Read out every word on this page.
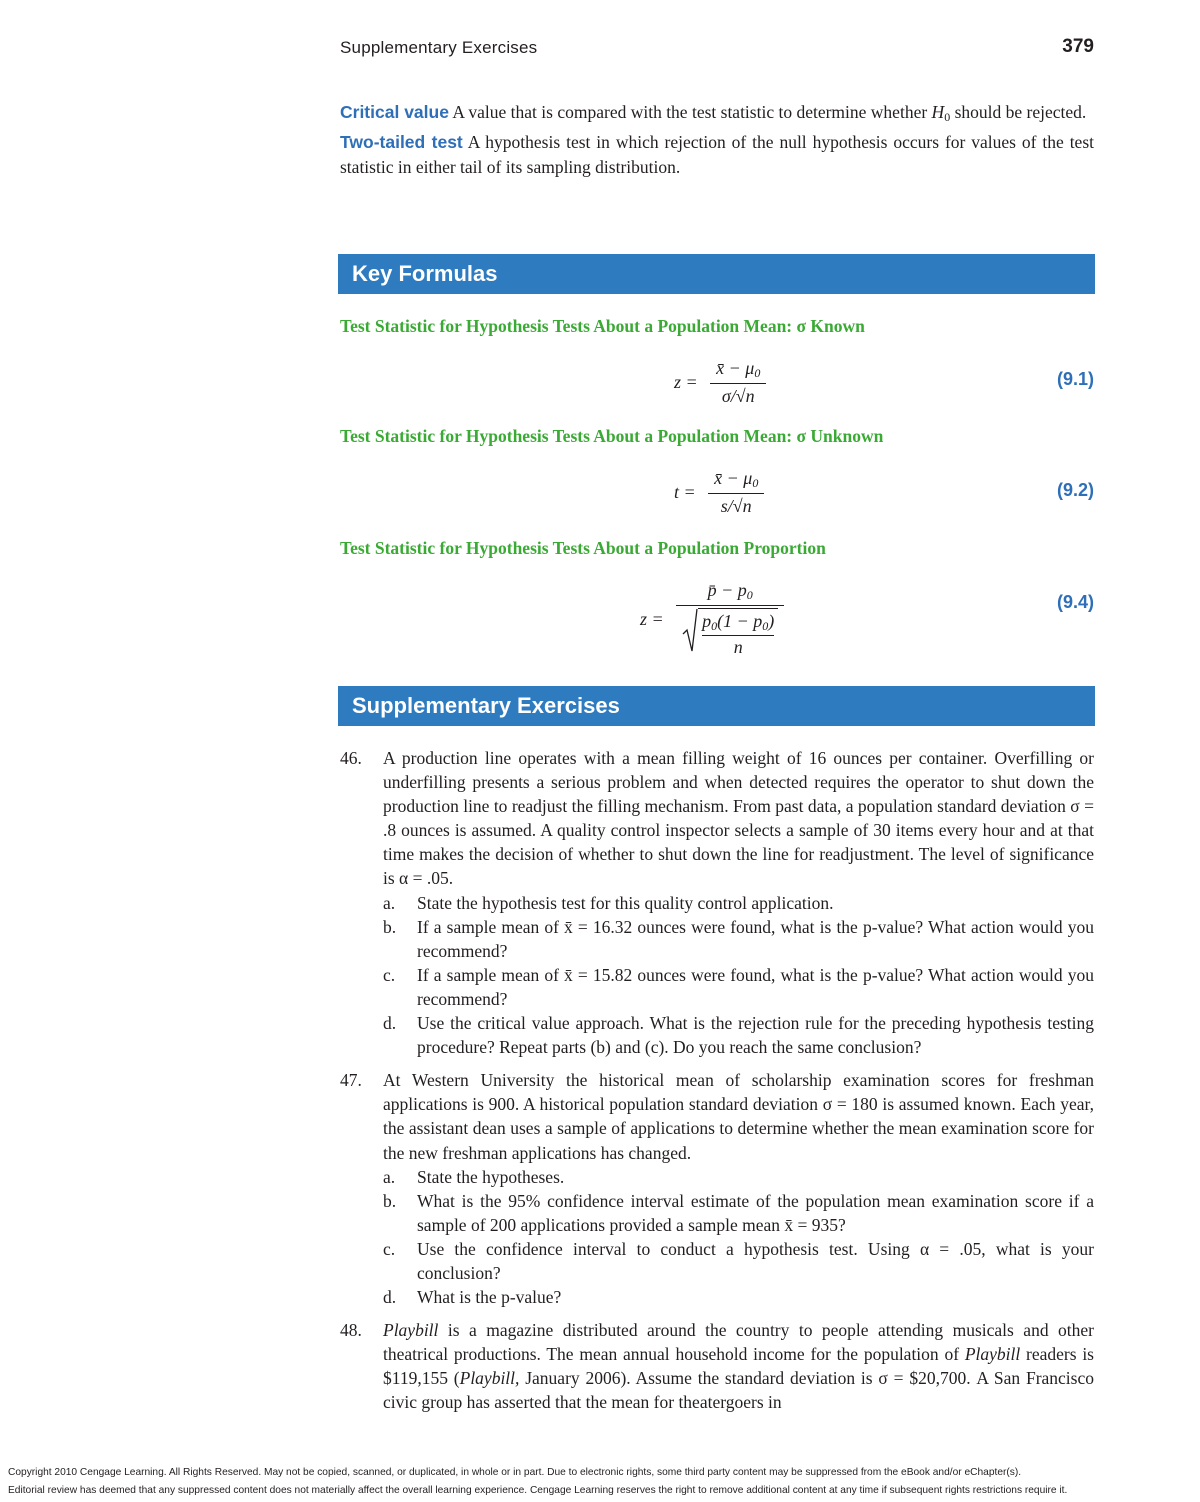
Supplementary Exercises	379

Critical value A value that is compared with the test statistic to determine whether $H_0$ should be rejected.

Two-tailed test A hypothesis test in which rejection of the null hypothesis occurs for values of the test statistic in either tail of its sampling distribution.

Key Formulas
Test Statistic for Hypothesis Tests About a Population Mean: σ Known
$z = \frac{x̄ - \mu_0}{\sigma/√n}$	(9.1)
Test Statistic for Hypothesis Tests About a Population Mean: σ Unknown
$t = \frac{x̄ - \mu_0}{s/√n}$	(9.2)
Test Statistic for Hypothesis Tests About a Population Proportion
$z = \frac{p̄ - p_0}{\frac{p_0(1 - p_0)}{n}}$	(9.4)
Supplementary Exercises
46. A production line operates with a mean filling weight of 16 ounces per container. Overfilling or underfilling presents a serious problem and when detected requires the operator to shut down the production line to readjust the filling mechanism. From past data, a population standard deviation σ = .8 ounces is assumed. A quality control inspector selects a sample of 30 items every hour and at that time makes the decision of whether to shut down the line for readjustment. The level of significance is α = .05.
a. State the hypothesis test for this quality control application.
b. If a sample mean of x̄ = 16.32 ounces were found, what is the p-value? What action would you recommend?
c. If a sample mean of x̄ = 15.82 ounces were found, what is the p-value? What action would you recommend?
d. Use the critical value approach. What is the rejection rule for the preceding hypothesis testing procedure? Repeat parts (b) and (c). Do you reach the same conclusion?
47. At Western University the historical mean of scholarship examination scores for freshman applications is 900. A historical population standard deviation σ = 180 is assumed known. Each year, the assistant dean uses a sample of applications to determine whether the mean examination score for the new freshman applications has changed.
a. State the hypotheses.
b. What is the 95% confidence interval estimate of the population mean examination score if a sample of 200 applications provided a sample mean x̄ = 935?
c. Use the confidence interval to conduct a hypothesis test. Using α = .05, what is your conclusion?
d. What is the p-value?
48. Playbill is a magazine distributed around the country to people attending musicals and other theatrical productions. The mean annual household income for the population of Playbill readers is $119,155 (Playbill, January 2006). Assume the standard deviation is σ = $20,700. A San Francisco civic group has asserted that the mean for theatergoers in
Copyright 2010 Cengage Learning. All Rights Reserved. May not be copied, scanned, or duplicated, in whole or in part. Due to electronic rights, some third party content may be suppressed from the eBook and/or eChapter(s).
Editorial review has deemed that any suppressed content does not materially affect the overall learning experience. Cengage Learning reserves the right to remove additional content at any time if subsequent rights restrictions require it.
